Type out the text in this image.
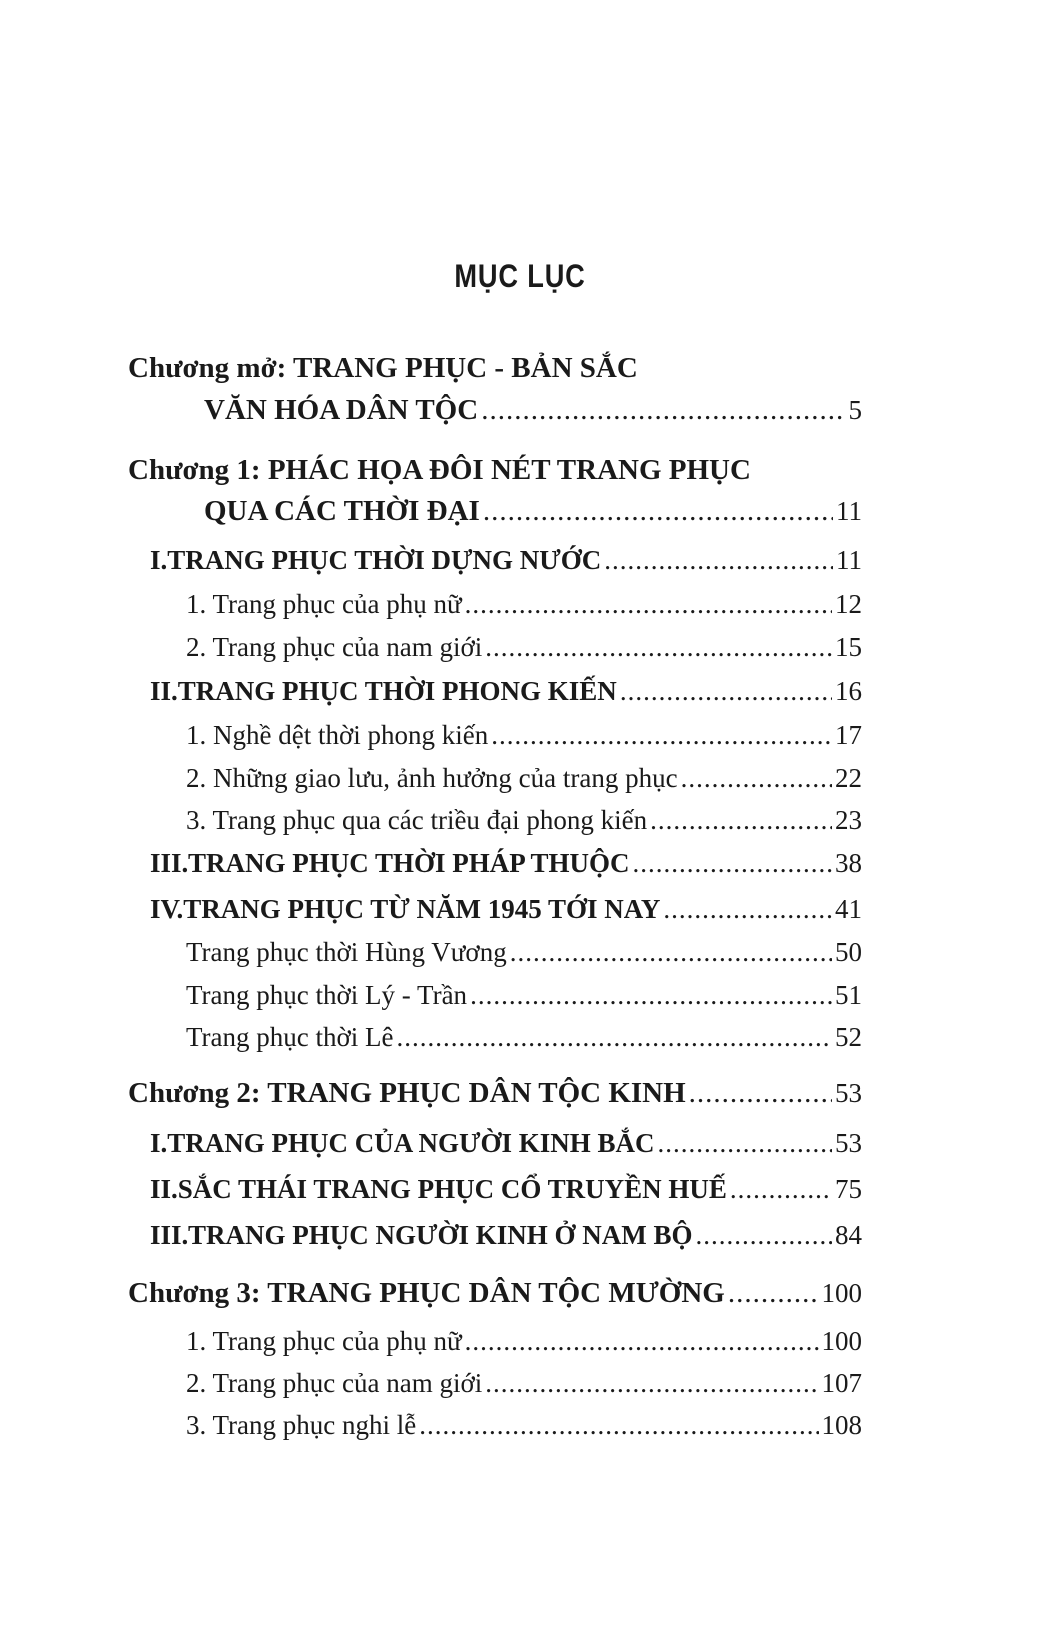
MỤC LỤC
Chương mở: TRANG PHỤC - BẢN SẮC
VĂN HÓA DÂN TỘC .....	5
Chương 1: PHÁC HỌA ĐÔI NÉT TRANG PHỤC
QUA CÁC THỜI ĐẠI .....	11
I. TRANG PHỤC THỜI DỰNG NƯỚC .....	11
1. Trang phục của phụ nữ .....	12
2. Trang phục của nam giới .....	15
II. TRANG PHỤC THỜI PHONG KIẾN .....	16
1. Nghề dệt thời phong kiến .....	17
2. Những giao lưu, ảnh hưởng của trang phục .....	22
3. Trang phục qua các triều đại phong kiến .....	23
III. TRANG PHỤC THỜI PHÁP THUỘC .....	38
IV. TRANG PHỤC TỪ NĂM 1945 TỚI NAY .....	41
Trang phục thời Hùng Vương .....	50
Trang phục thời Lý - Trần .....	51
Trang phục thời Lê .....	52
Chương 2: TRANG PHỤC DÂN TỘC KINH .....	53
I. TRANG PHỤC CỦA NGƯỜI KINH BẮC .....	53
II. SẮC THÁI TRANG PHỤC CỔ TRUYỀN HUẾ .....	75
III. TRANG PHỤC NGƯỜI KINH Ở NAM BỘ .....	84
Chương 3: TRANG PHỤC DÂN TỘC MƯỜNG .....	100
1. Trang phục của phụ nữ .....	100
2. Trang phục của nam giới .....	107
3. Trang phục nghi lễ .....	108
